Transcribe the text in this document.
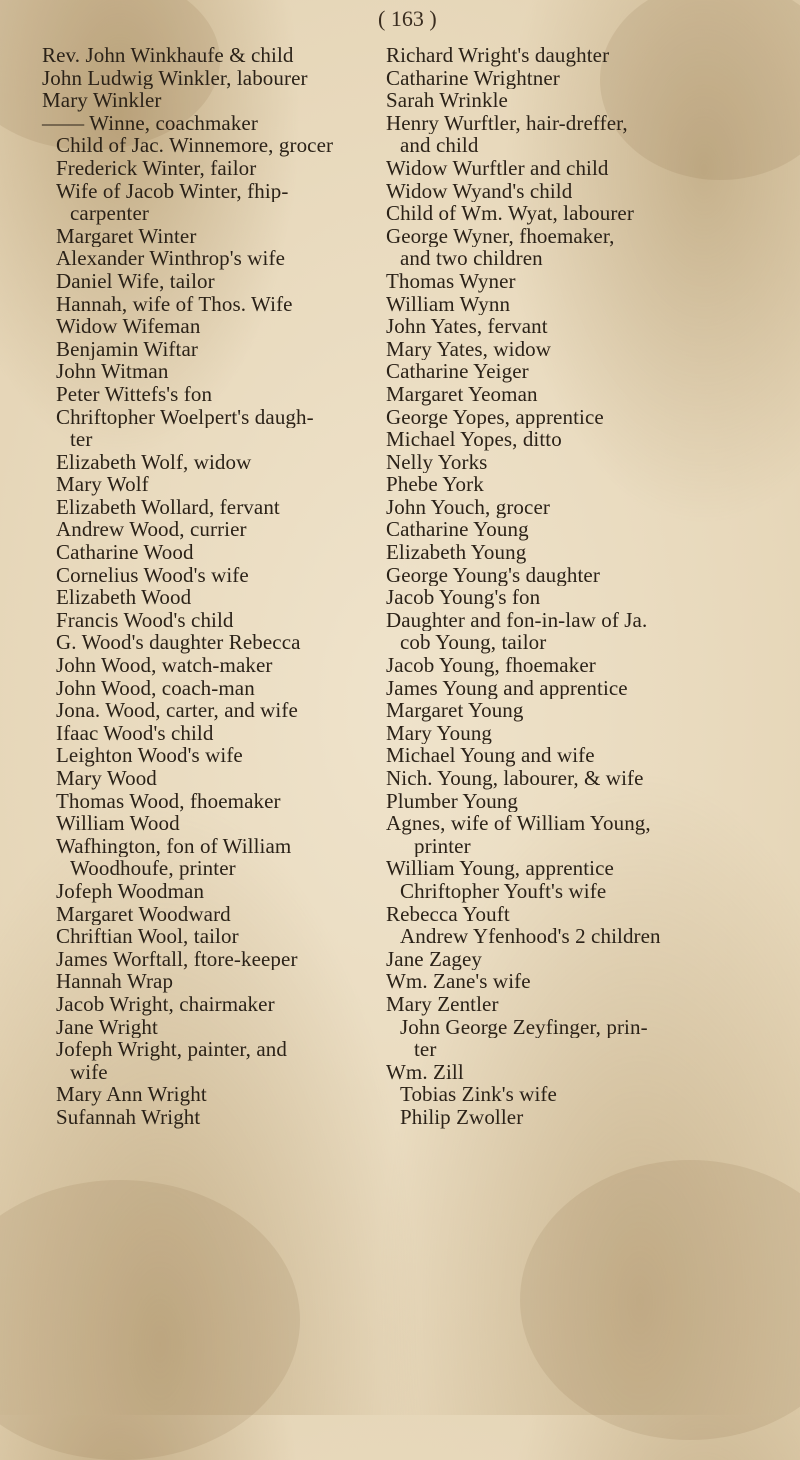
( 163 )
Rev. John Winkhaufe & child
John Ludwig Winkler, labourer
Mary Winkler
—— Winne, coachmaker
Child of Jac. Winnemore, grocer
Frederick Winter, failor
Wife of Jacob Winter, fhip-
carpenter
Margaret Winter
Alexander Winthrop's wife
Daniel Wife, tailor
Hannah, wife of Thos. Wife
Widow Wifeman
Benjamin Wiftar
John Witman
Peter Wittefs's fon
Chriftopher Woelpert's daugh-
ter
Elizabeth Wolf, widow
Mary Wolf
Elizabeth Wollard, fervant
Andrew Wood, currier
Catharine Wood
Cornelius Wood's wife
Elizabeth Wood
Francis Wood's child
G. Wood's daughter Rebecca
John Wood, watch-maker
John Wood, coach-man
Jona. Wood, carter, and wife
Ifaac Wood's child
Leighton Wood's wife
Mary Wood
Thomas Wood, fhoemaker
William Wood
Wafhington, fon of William
Woodhoufe, printer
Jofeph Woodman
Margaret Woodward
Chriftian Wool, tailor
James Worftall, ftore-keeper
Hannah Wrap
Jacob Wright, chairmaker
Jane Wright
Jofeph Wright, painter, and
wife
Mary Ann Wright
Sufannah Wright
Richard Wright's daughter
Catharine Wrightner
Sarah Wrinkle
Henry Wurftler, hair-dreffer,
and child
Widow Wurftler and child
Widow Wyand's child
Child of Wm. Wyat, labourer
George Wyner, fhoemaker,
and two children
Thomas Wyner
William Wynn
John Yates, fervant
Mary Yates, widow
Catharine Yeiger
Margaret Yeoman
George Yopes, apprentice
Michael Yopes, ditto
Nelly Yorks
Phebe York
John Youch, grocer
Catharine Young
Elizabeth Young
George Young's daughter
Jacob Young's fon
Daughter and fon-in-law of Ja.
cob Young, tailor
Jacob Young, fhoemaker
James Young and apprentice
Margaret Young
Mary Young
Michael Young and wife
Nich. Young, labourer, & wife
Plumber Young
Agnes, wife of William Young,
printer
William Young, apprentice
Chriftopher Youft's wife
Rebecca Youft
Andrew Yfenhood's 2 children
Jane Zagey
Wm. Zane's wife
Mary Zentler
John George Zeyfinger, prin-
ter
Wm. Zill
Tobias Zink's wife
Philip Zwoller
